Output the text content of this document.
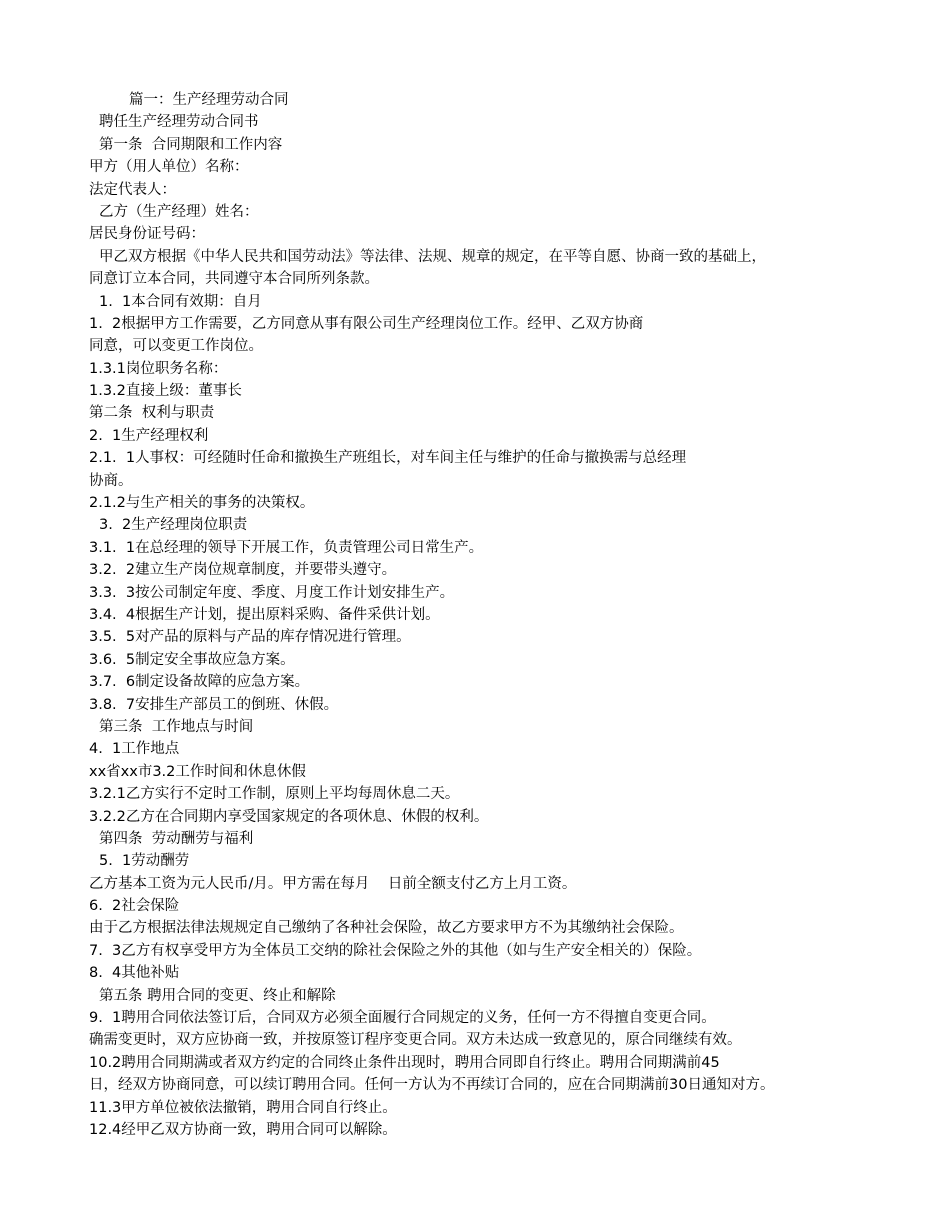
篇一：生产经理劳动合同
聘任生产经理劳动合同书
第一条  合同期限和工作内容
甲方（用人单位）名称：
法定代表人：
乙方（生产经理）姓名：
居民身份证号码：
甲乙双方根据《中华人民共和国劳动法》等法律、法规、规章的规定，在平等自愿、协商一致的基础上，
同意订立本合同，共同遵守本合同所列条款。
1.  1本合同有效期：自月
1.  2根据甲方工作需要，乙方同意从事有限公司生产经理岗位工作。经甲、乙双方协商
同意，可以变更工作岗位。
1.3.1岗位职务名称：
1.3.2直接上级：董事长
第二条  权利与职责
2.  1生产经理权利
2.1.  1人事权：可经随时任命和撤换生产班组长，对车间主任与维护的任命与撤换需与总经理
协商。
2.1.2与生产相关的事务的决策权。
3.  2生产经理岗位职责
3.1.  1在总经理的领导下开展工作，负责管理公司日常生产。
3.2.  2建立生产岗位规章制度，并要带头遵守。
3.3.  3按公司制定年度、季度、月度工作计划安排生产。
3.4.  4根据生产计划，提出原料采购、备件采供计划。
3.5.  5对产品的原料与产品的库存情况进行管理。
3.6.  5制定安全事故应急方案。
3.7.  6制定设备故障的应急方案。
3.8.  7安排生产部员工的倒班、休假。
第三条  工作地点与时间
4.  1工作地点
xx省xx市3.2工作时间和休息休假
3.2.1乙方实行不定时工作制，原则上平均每周休息二天。
3.2.2乙方在合同期内享受国家规定的各项休息、休假的权利。
第四条  劳动酬劳与福利
5.  1劳动酬劳
乙方基本工资为元人民币/月。甲方需在每月    日前全额支付乙方上月工资。
6.  2社会保险
由于乙方根据法律法规规定自己缴纳了各种社会保险，故乙方要求甲方不为其缴纳社会保险。
7.  3乙方有权享受甲方为全体员工交纳的除社会保险之外的其他（如与生产安全相关的）保险。
8.  4其他补贴
第五条 聘用合同的变更、终止和解除
9.  1聘用合同依法签订后，合同双方必须全面履行合同规定的义务，任何一方不得擅自变更合同。
确需变更时，双方应协商一致，并按原签订程序变更合同。双方未达成一致意见的，原合同继续有效。
10.2聘用合同期满或者双方约定的合同终止条件出现时，聘用合同即自行终止。聘用合同期满前45
日，经双方协商同意，可以续订聘用合同。任何一方认为不再续订合同的，应在合同期满前30日通知对方。
11.3甲方单位被依法撤销，聘用合同自行终止。
12.4经甲乙双方协商一致，聘用合同可以解除。
